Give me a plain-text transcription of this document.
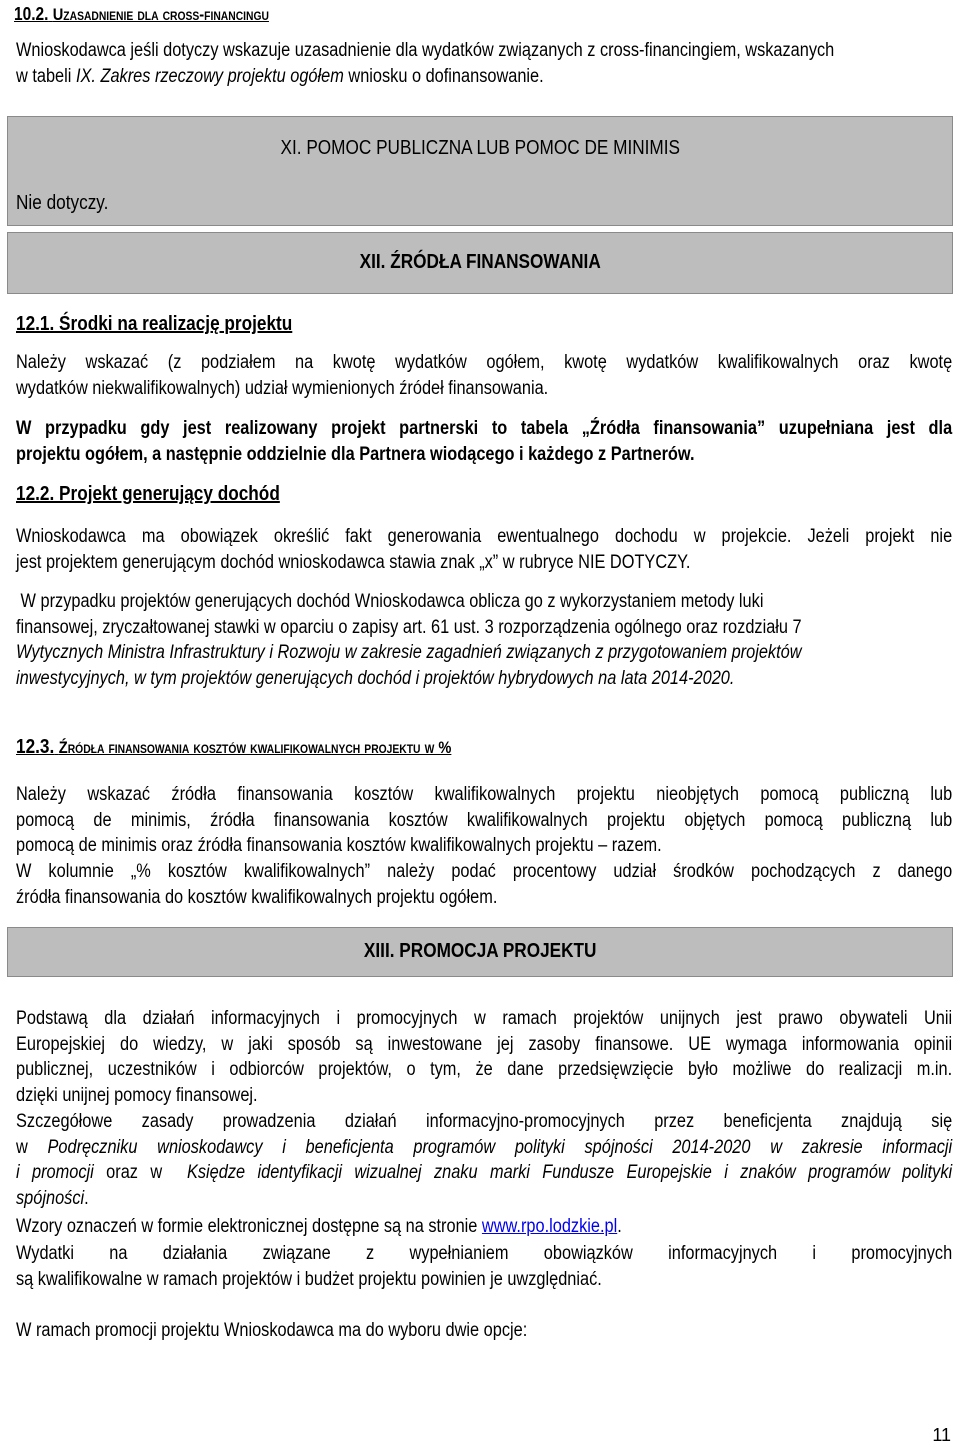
10.2. Uzasadnienie dla cross-financingu
Wnioskodawca jeśli dotyczy wskazuje uzasadnienie dla wydatków związanych z cross-financingiem, wskazanych
w tabeli IX. Zakres rzeczowy projektu ogółem wniosku o dofinansowanie.
XI. POMOC PUBLICZNA LUB POMOC DE MINIMIS
Nie dotyczy.
XII. ŹRÓDŁA FINANSOWANIA
12.1. Środki na realizację projektu
Należy wskazać (z podziałem na kwotę wydatków ogółem, kwotę wydatków kwalifikowalnych oraz kwotę
wydatków niekwalifikowalnych) udział wymienionych źródeł finansowania.
W przypadku gdy jest realizowany projekt partnerski to tabela „Źródła finansowania” uzupełniana jest dla
projektu ogółem, a następnie oddzielnie dla Partnera wiodącego i każdego z Partnerów.
12.2. Projekt generujący dochód
Wnioskodawca ma obowiązek określić fakt generowania ewentualnego dochodu w projekcie. Jeżeli projekt nie
jest projektem generującym dochód wnioskodawca stawia znak „x” w rubryce NIE DOTYCZY.
W przypadku projektów generujących dochód Wnioskodawca oblicza go z wykorzystaniem metody luki
finansowej, zryczałtowanej stawki w oparciu o zapisy art. 61 ust. 3 rozporządzenia ogólnego oraz rozdziału 7
Wytycznych Ministra Infrastruktury i Rozwoju w zakresie zagadnień związanych z przygotowaniem projektów
inwestycyjnych, w tym projektów generujących dochód i projektów hybrydowych na lata 2014-2020.
12.3. Źródła finansowania kosztów kwalifikowalnych projektu w %
Należy wskazać źródła finansowania kosztów kwalifikowalnych projektu nieobjętych pomocą publiczną lub
pomocą de minimis, źródła finansowania kosztów kwalifikowalnych projektu objętych pomocą publiczną lub
pomocą de minimis oraz źródła finansowania kosztów kwalifikowalnych projektu – razem.
W kolumnie „% kosztów kwalifikowalnych” należy podać procentowy udział środków pochodzących z danego
źródła finansowania do kosztów kwalifikowalnych projektu ogółem.
XIII. PROMOCJA PROJEKTU
Podstawą dla działań informacyjnych i promocyjnych w ramach projektów unijnych jest prawo obywateli Unii
Europejskiej do wiedzy, w jaki sposób są inwestowane jej zasoby finansowe. UE wymaga informowania opinii
publicznej, uczestników i odbiorców projektów, o tym, że dane przedsięwzięcie było możliwe do realizacji m.in.
dzięki unijnej pomocy finansowej.
Szczegółowe zasady prowadzenia działań informacyjno-promocyjnych przez beneficjenta znajdują się
w Podręczniku wnioskodawcy i beneficjenta programów polityki spójności 2014-2020 w zakresie informacji
i promocji oraz w  Księdze identyfikacji wizualnej znaku marki Fundusze Europejskie i znaków programów polityki
spójności.
Wzory oznaczeń w formie elektronicznej dostępne są na stronie www.rpo.lodzkie.pl.
Wydatki na działania związane z wypełnianiem obowiązków informacyjnych i promocyjnych
są kwalifikowalne w ramach projektów i budżet projektu powinien je uwzględniać.
W ramach promocji projektu Wnioskodawca ma do wyboru dwie opcje:
11
